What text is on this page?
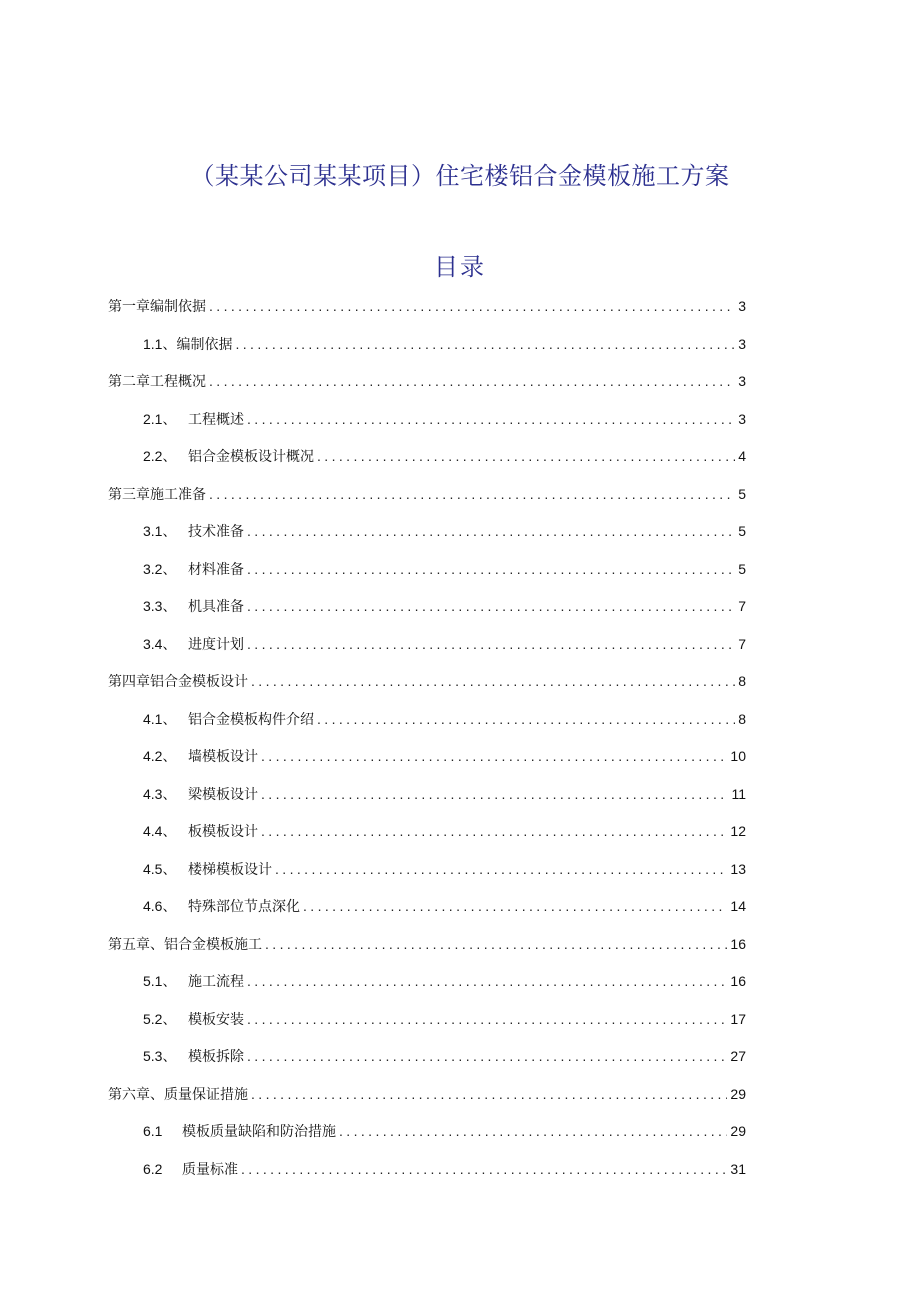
（某某公司某某项目）住宅楼铝合金模板施工方案
目录
第一章编制依据 .....	3
1.1、 编制依据 .....	3
第二章工程概况 .....	3
2.1、 工程概述 .....	3
2.2、 铝合金模板设计概况 .....	4
第三章施工准备 .....	5
3.1、 技术准备 .....	5
3.2、 材料准备 .....	5
3.3、 机具准备 .....	7
3.4、 进度计划 .....	7
第四章铝合金模板设计 .....	8
4.1、 铝合金模板构件介绍 .....	8
4.2、 墙模板设计 .....	10
4.3、 梁模板设计 .....	11
4.4、 板模板设计 .....	12
4.5、 楼梯模板设计 .....	13
4.6、 特殊部位节点深化 .....	14
第五章、铝合金模板施工 .....	16
5.1、 施工流程 .....	16
5.2、 模板安装 .....	17
5.3、 模板拆除 .....	27
第六章、质量保证措施 .....	29
6.1	模板质量缺陷和防治措施 .....	29
6.2	质量标准 .....	31
